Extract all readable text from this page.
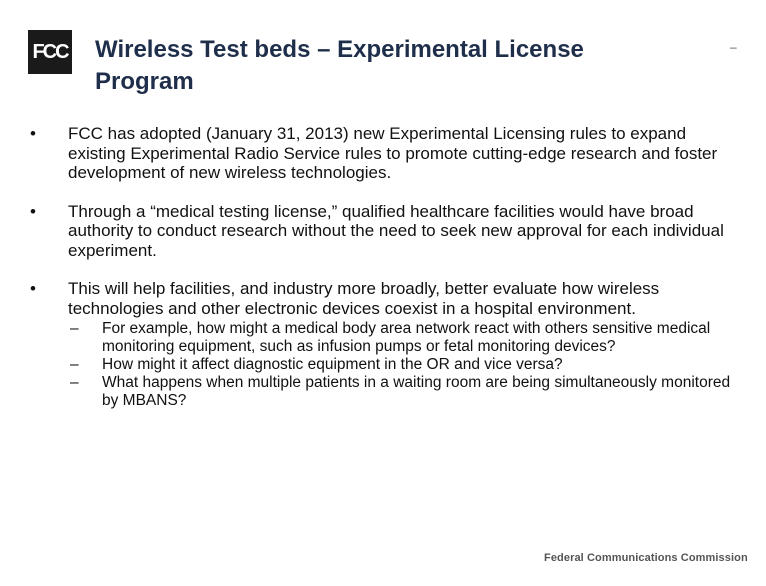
FCC Wireless Test beds – Experimental License
Program
–
•	FCC has adopted (January 31, 2013) new Experimental Licensing rules to expand existing Experimental Radio Service rules to promote cutting-edge research and foster development of new wireless technologies.
•	Through a “medical testing license,” qualified healthcare facilities would have broad authority to conduct research without the need to seek new approval for each individual experiment.
•	This will help facilities, and industry more broadly, better evaluate how wireless technologies and other electronic devices coexist in a hospital environment.
– For example, how might a medical body area network react with others sensitive medical monitoring equipment, such as infusion pumps or fetal monitoring devices?
– How might it affect diagnostic equipment in the OR and vice versa?
– What happens when multiple patients in a waiting room are being simultaneously monitored by MBANS?
Federal Communications Commission
